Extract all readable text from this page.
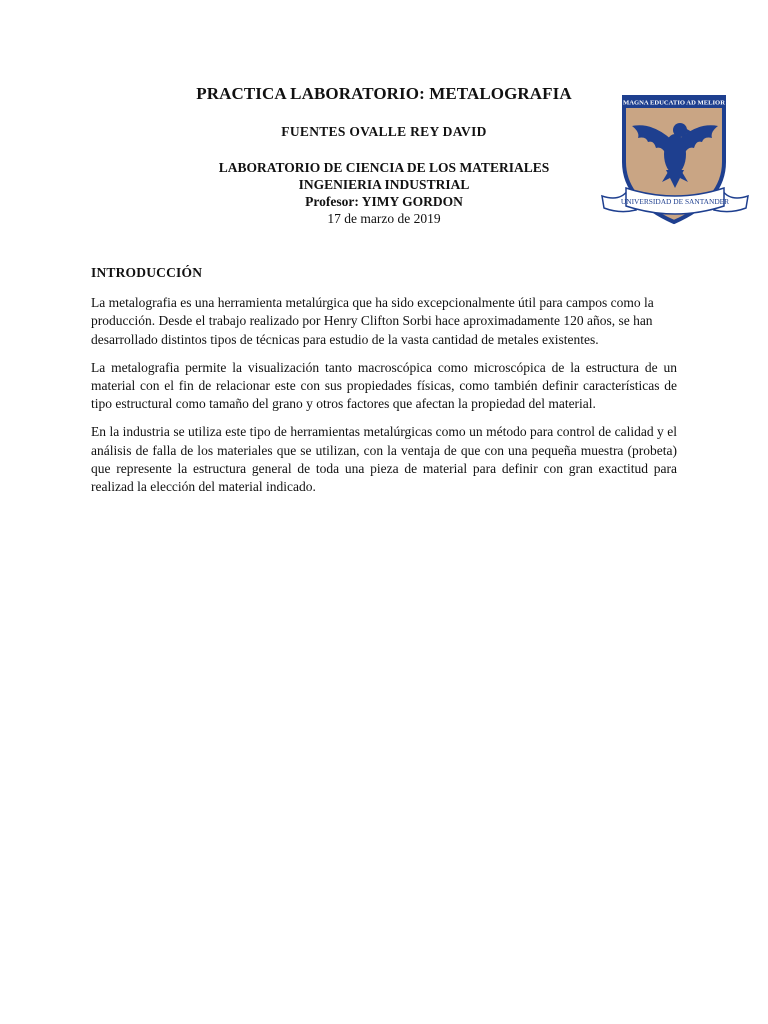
PRACTICA LABORATORIO: METALOGRAFIA
FUENTES OVALLE REY DAVID
LABORATORIO DE CIENCIA DE LOS MATERIALES
INGENIERIA INDUSTRIAL
Profesor: YIMY GORDON
17 de marzo de 2019
MAGNA EDUCATIO AD MELIOR
UNIVERSIDAD DE SANTANDER
INTRODUCCIÓN

La metalografia es una herramienta metalúrgica que ha sido excepcionalmente útil para campos como la producción. Desde el trabajo realizado por Henry Clifton Sorbi hace aproximadamente 120 años, se han desarrollado distintos tipos de técnicas para estudio de la vasta cantidad de metales existentes.

La metalografia permite la visualización tanto macroscópica como microscópica de la estructura de un material con el fin de relacionar este con sus propiedades físicas, como también definir características de tipo estructural como tamaño del grano y otros factores que afectan la propiedad del material.

En la industria se utiliza este tipo de herramientas metalúrgicas como un método para control de calidad y el análisis de falla de los materiales que se utilizan, con la ventaja de que con una pequeña muestra (probeta) que represente la estructura general de toda una pieza de material para definir con gran exactitud para realizad la elección del material indicado.
